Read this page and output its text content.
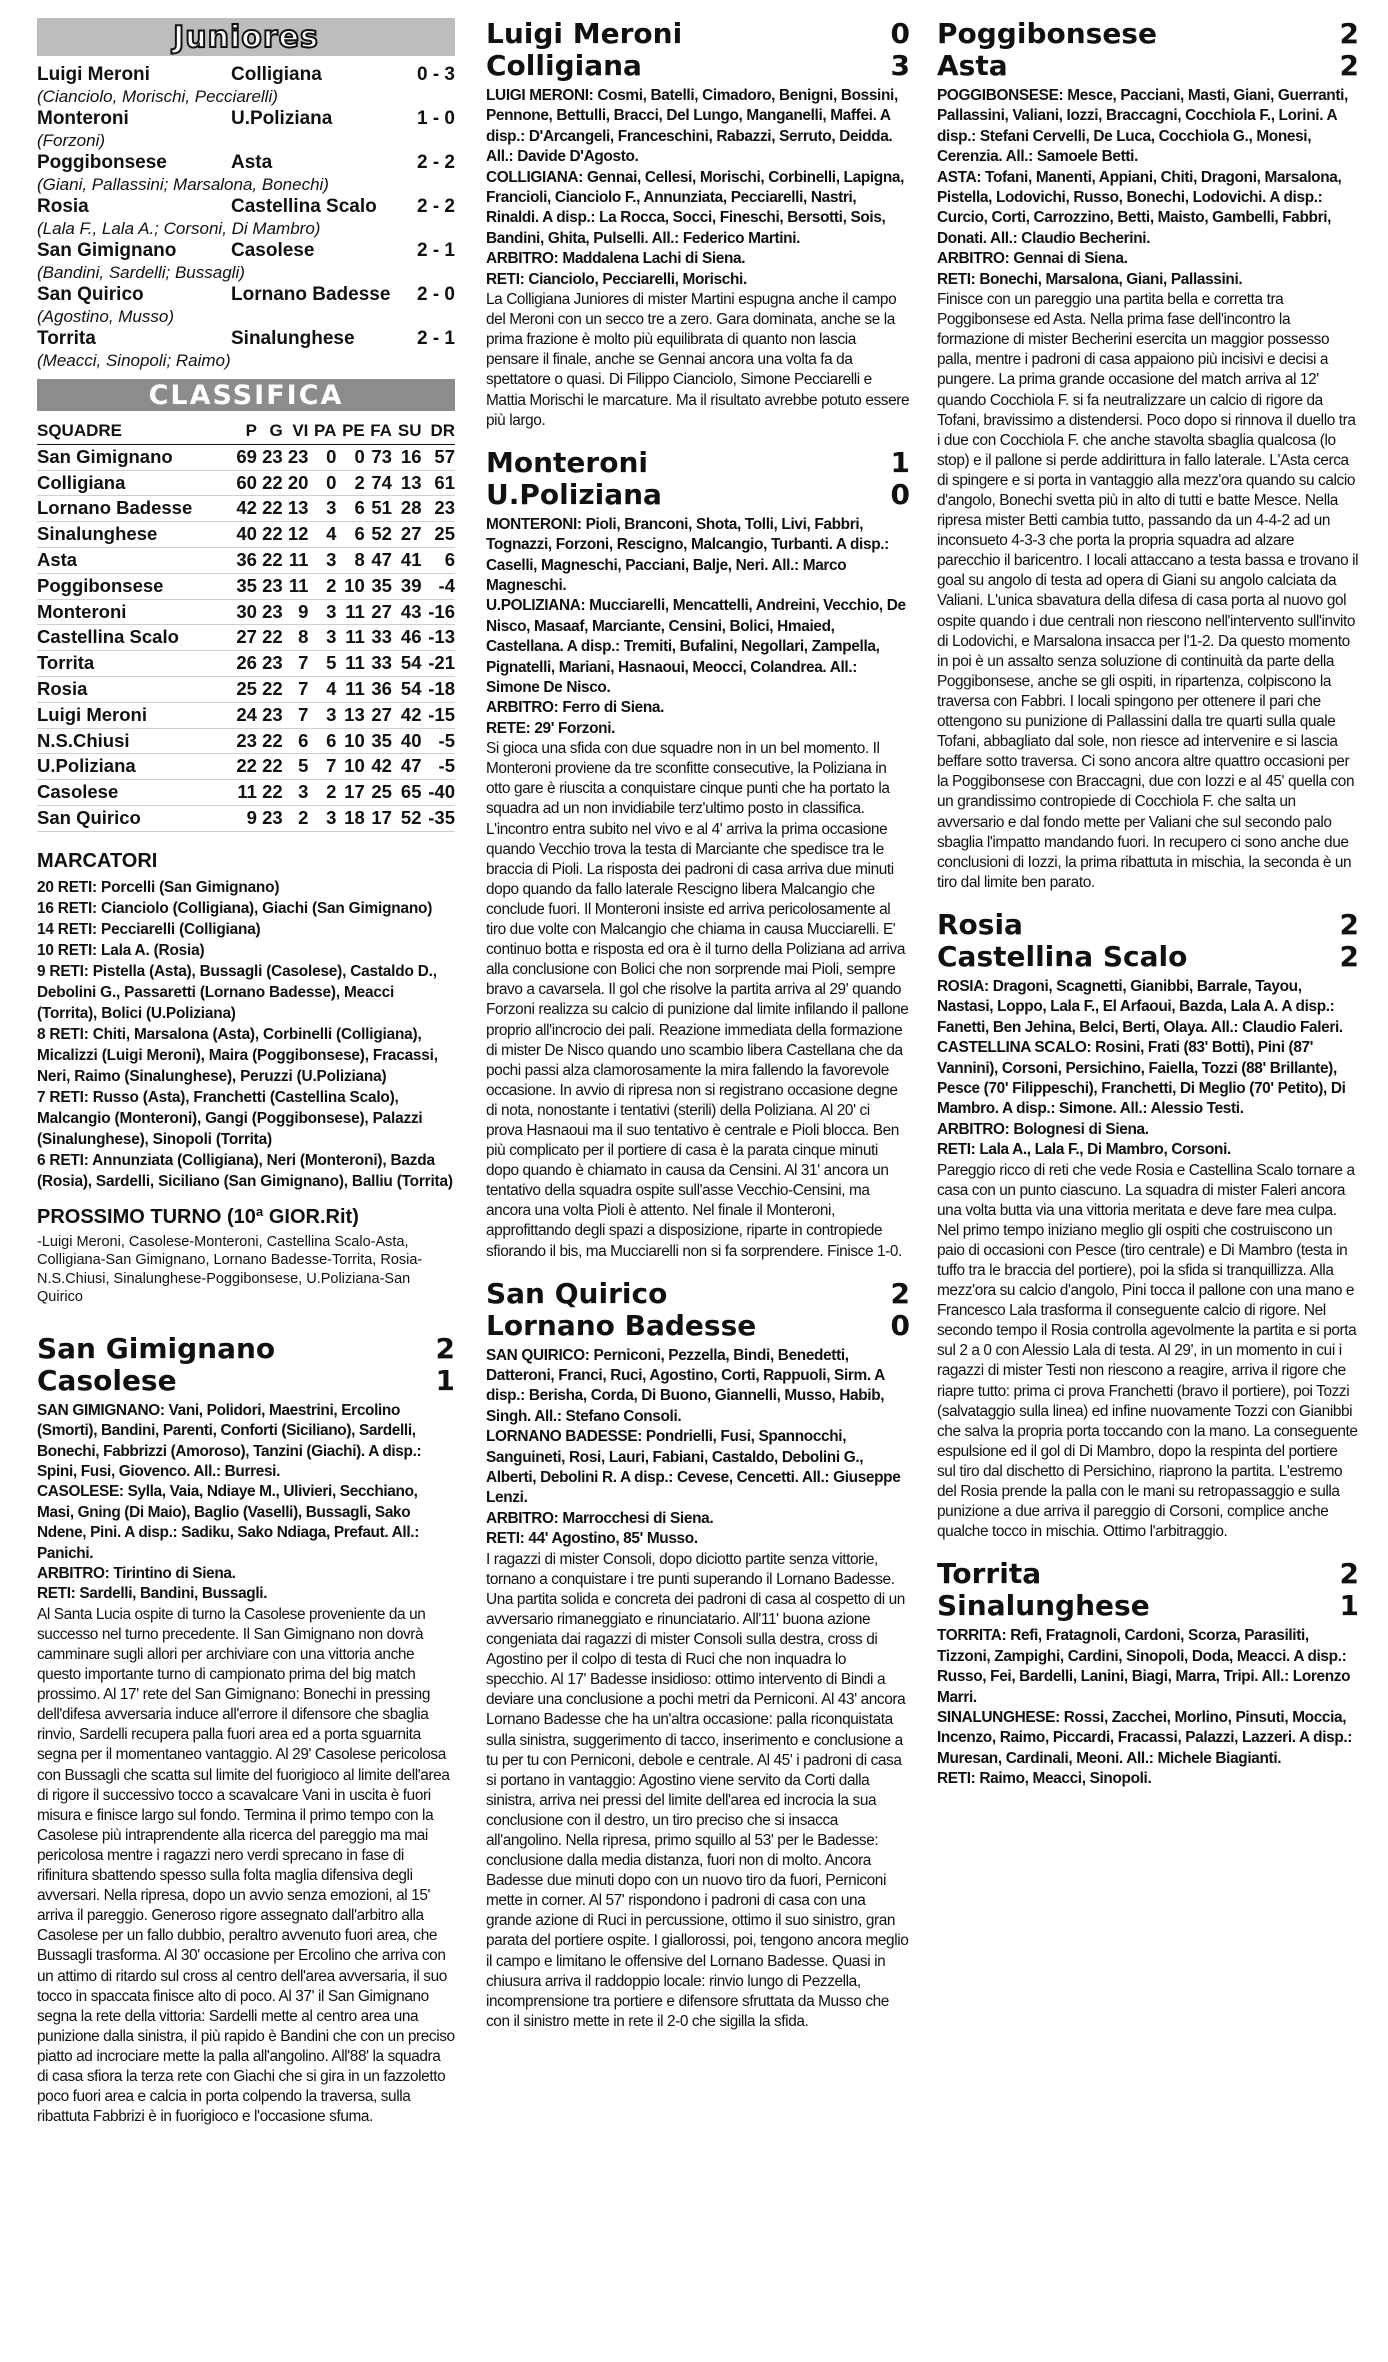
Juniores
Luigi Meroni	Colligiana	0 - 3
(Cianciolo, Morischi, Pecciarelli)
Monteroni	U.Poliziana	1 - 0
(Forzoni)
Poggibonsese	Asta	2 - 2
(Giani, Pallassini; Marsalona, Bonechi)
Rosia	Castellina Scalo	2 - 2
(Lala F., Lala A.; Corsoni, Di Mambro)
San Gimignano	Casolese	2 - 1
(Bandini, Sardelli; Bussagli)
San Quirico	Lornano Badesse	2 - 0
(Agostino, Musso)
Torrita	Sinalunghese	2 - 1
(Meacci, Sinopoli; Raimo)
CLASSIFICA
SQUADRE	P	G	VI	PA	PE	FA	SU	DR
San Gimignano	69	23	23	0	0	73	16	57
Colligiana	60	22	20	0	2	74	13	61
Lornano Badesse	42	22	13	3	6	51	28	23
Sinalunghese	40	22	12	4	6	52	27	25
Asta	36	22	11	3	8	47	41	6
Poggibonsese	35	23	11	2	10	35	39	-4
Monteroni	30	23	9	3	11	27	43	-16
Castellina Scalo	27	22	8	3	11	33	46	-13
Torrita	26	23	7	5	11	33	54	-21
Rosia	25	22	7	4	11	36	54	-18
Luigi Meroni	24	23	7	3	13	27	42	-15
N.S.Chiusi	23	22	6	6	10	35	40	-5
U.Poliziana	22	22	5	7	10	42	47	-5
Casolese	11	22	3	2	17	25	65	-40
San Quirico	9	23	2	3	18	17	52	-35
MARCATORI

20 RETI: Porcelli (San Gimignano)

16 RETI: Cianciolo (Colligiana), Giachi (San Gimignano)

14 RETI: Pecciarelli (Colligiana)

10 RETI: Lala A. (Rosia)

9 RETI: Pistella (Asta), Bussagli (Casolese), Castaldo D., Debolini G., Passaretti (Lornano Badesse), Meacci (Torrita), Bolici (U.Poliziana)

8 RETI: Chiti, Marsalona (Asta), Corbinelli (Colligiana), Micalizzi (Luigi Meroni), Maira (Poggibonsese), Fracassi, Neri, Raimo (Sinalunghese), Peruzzi (U.Poliziana)

7 RETI: Russo (Asta), Franchetti (Castellina Scalo), Malcangio (Monteroni), Gangi (Poggibonsese), Palazzi (Sinalunghese), Sinopoli (Torrita)

6 RETI: Annunziata (Colligiana), Neri (Monteroni), Bazda (Rosia), Sardelli, Siciliano (San Gimignano), Balliu (Torrita)

PROSSIMO TURNO (10ª GIOR.Rit)

-Luigi Meroni, Casolese-Monteroni, Castellina Scalo-Asta, Colligiana-San Gimignano, Lornano Badesse-Torrita, Rosia-N.S.Chiusi, Sinalunghese-Poggibonsese, U.Poliziana-San Quirico

San Gimignano	2
Casolese	1

SAN GIMIGNANO: Vani, Polidori, Maestrini, Ercolino (Smorti), Bandini, Parenti, Conforti (Siciliano), Sardelli, Bonechi, Fabbrizzi (Amoroso), Tanzini (Giachi). A disp.: Spini, Fusi, Giovenco. All.: Burresi.

CASOLESE: Sylla, Vaia, Ndiaye M., Ulivieri, Secchiano, Masi, Gning (Di Maio), Baglio (Vaselli), Bussagli, Sako Ndene, Pini. A disp.: Sadiku, Sako Ndiaga, Prefaut. All.: Panichi.

ARBITRO: Tirintino di Siena.

RETI: Sardelli, Bandini, Bussagli.

Al Santa Lucia ospite di turno la Casolese proveniente da un successo nel turno precedente. Il San Gimignano non dovrà camminare sugli allori per archiviare con una vittoria anche questo importante turno di campionato prima del big match prossimo. Al 17' rete del San Gimignano: Bonechi in pressing dell'difesa avversaria induce all'errore il difensore che sbaglia rinvio, Sardelli recupera palla fuori area ed a porta sguarnita segna per il momentaneo vantaggio. Al 29' Casolese pericolosa con Bussagli che scatta sul limite del fuorigioco al limite dell'area di rigore il successivo tocco a scavalcare Vani in uscita è fuori misura e finisce largo sul fondo. Termina il primo tempo con la Casolese più intraprendente alla ricerca del pareggio ma mai pericolosa mentre i ragazzi nero verdi sprecano in fase di rifinitura sbattendo spesso sulla folta maglia difensiva degli avversari. Nella ripresa, dopo un avvio senza emozioni, al 15' arriva il pareggio. Generoso rigore assegnato dall'arbitro alla Casolese per un fallo dubbio, peraltro avvenuto fuori area, che Bussagli trasforma. Al 30' occasione per Ercolino che arriva con un attimo di ritardo sul cross al centro dell'area avversaria, il suo tocco in spaccata finisce alto di poco. Al 37' il San Gimignano segna la rete della vittoria: Sardelli mette al centro area una punizione dalla sinistra, il più rapido è Bandini che con un preciso piatto ad incrociare mette la palla all'angolino. All'88' la squadra di casa sfiora la terza rete con Giachi che si gira in un fazzoletto poco fuori area e calcia in porta colpendo la traversa, sulla ribattuta Fabbrizi è in fuorigioco e l'occasione sfuma.

Luigi Meroni	0
Colligiana	3

LUIGI MERONI: Cosmi, Batelli, Cimadoro, Benigni, Bossini, Pennone, Bettulli, Bracci, Del Lungo, Manganelli, Maffei. A disp.: D'Arcangeli, Franceschini, Rabazzi, Serruto, Deidda. All.: Davide D'Agosto.

COLLIGIANA: Gennai, Cellesi, Morischi, Corbinelli, Lapigna, Francioli, Cianciolo F., Annunziata, Pecciarelli, Nastri, Rinaldi. A disp.: La Rocca, Socci, Fineschi, Bersotti, Sois, Bandini, Ghita, Pulselli. All.: Federico Martini.

ARBITRO: Maddalena Lachi di Siena.

RETI: Cianciolo, Pecciarelli, Morischi.

La Colligiana Juniores di mister Martini espugna anche il campo del Meroni con un secco tre a zero. Gara dominata, anche se la prima frazione è molto più equilibrata di quanto non lascia pensare il finale, anche se Gennai ancora una volta fa da spettatore o quasi. Di Filippo Cianciolo, Simone Pecciarelli e Mattia Morischi le marcature. Ma il risultato avrebbe potuto essere più largo.

Monteroni	1
U.Poliziana	0

MONTERONI: Pioli, Branconi, Shota, Tolli, Livi, Fabbri, Tognazzi, Forzoni, Rescigno, Malcangio, Turbanti. A disp.: Caselli, Magneschi, Pacciani, Balje, Neri. All.: Marco Magneschi.

U.POLIZIANA: Mucciarelli, Mencattelli, Andreini, Vecchio, De Nisco, Masaaf, Marciante, Censini, Bolici, Hmaied, Castellana. A disp.: Tremiti, Bufalini, Negollari, Zampella, Pignatelli, Mariani, Hasnaoui, Meocci, Colandrea. All.: Simone De Nisco.

ARBITRO: Ferro di Siena.

RETE: 29' Forzoni.

Si gioca una sfida con due squadre non in un bel momento. Il Monteroni proviene da tre sconfitte consecutive, la Poliziana in otto gare è riuscita a conquistare cinque punti che ha portato la squadra ad un non invidiabile terz'ultimo posto in classifica. L'incontro entra subito nel vivo e al 4' arriva la prima occasione quando Vecchio trova la testa di Marciante che spedisce tra le braccia di Pioli. La risposta dei padroni di casa arriva due minuti dopo quando da fallo laterale Rescigno libera Malcangio che conclude fuori. Il Monteroni insiste ed arriva pericolosamente al tiro due volte con Malcangio che chiama in causa Mucciarelli. E' continuo botta e risposta ed ora è il turno della Poliziana ad arriva alla conclusione con Bolici che non sorprende mai Pioli, sempre bravo a cavarsela. Il gol che risolve la partita arriva al 29' quando Forzoni realizza su calcio di punizione dal limite infilando il pallone proprio all'incrocio dei pali. Reazione immediata della formazione di mister De Nisco quando uno scambio libera Castellana che da pochi passi alza clamorosamente la mira fallendo la favorevole occasione. In avvio di ripresa non si registrano occasione degne di nota, nonostante i tentativi (sterili) della Poliziana. Al 20' ci prova Hasnaoui ma il suo tentativo è centrale e Pioli blocca. Ben più complicato per il portiere di casa è la parata cinque minuti dopo quando è chiamato in causa da Censini. Al 31' ancora un tentativo della squadra ospite sull'asse Vecchio-Censini, ma ancora una volta Pioli è attento. Nel finale il Monteroni, approfittando degli spazi a disposizione, riparte in contropiede sfiorando il bis, ma Mucciarelli non si fa sorprendere. Finisce 1-0.

San Quirico	2
Lornano Badesse	0

SAN QUIRICO: Perniconi, Pezzella, Bindi, Benedetti, Datteroni, Franci, Ruci, Agostino, Corti, Rappuoli, Sirm. A disp.: Berisha, Corda, Di Buono, Giannelli, Musso, Habib, Singh. All.: Stefano Consoli.

LORNANO BADESSE: Pondrielli, Fusi, Spannocchi, Sanguineti, Rosi, Lauri, Fabiani, Castaldo, Debolini G., Alberti, Debolini R. A disp.: Cevese, Cencetti. All.: Giuseppe Lenzi.

ARBITRO: Marrocchesi di Siena.

RETI: 44' Agostino, 85' Musso.

I ragazzi di mister Consoli, dopo diciotto partite senza vittorie, tornano a conquistare i tre punti superando il Lornano Badesse. Una partita solida e concreta dei padroni di casa al cospetto di un avversario rimaneggiato e rinunciatario. All'11' buona azione congeniata dai ragazzi di mister Consoli sulla destra, cross di Agostino per il colpo di testa di Ruci che non inquadra lo specchio. Al 17' Badesse insidioso: ottimo intervento di Bindi a deviare una conclusione a pochi metri da Perniconi. Al 43' ancora Lornano Badesse che ha un'altra occasione: palla riconquistata sulla sinistra, suggerimento di tacco, inserimento e conclusione a tu per tu con Perniconi, debole e centrale. Al 45' i padroni di casa si portano in vantaggio: Agostino viene servito da Corti dalla sinistra, arriva nei pressi del limite dell'area ed incrocia la sua conclusione con il destro, un tiro preciso che si insacca all'angolino. Nella ripresa, primo squillo al 53' per le Badesse: conclusione dalla media distanza, fuori non di molto. Ancora Badesse due minuti dopo con un nuovo tiro da fuori, Perniconi mette in corner. Al 57' rispondono i padroni di casa con una grande azione di Ruci in percussione, ottimo il suo sinistro, gran parata del portiere ospite. I giallorossi, poi, tengono ancora meglio il campo e limitano le offensive del Lornano Badesse. Quasi in chiusura arriva il raddoppio locale: rinvio lungo di Pezzella, incomprensione tra portiere e difensore sfruttata da Musso che con il sinistro mette in rete il 2-0 che sigilla la sfida.

Poggibonsese	2
Asta	2

POGGIBONSESE: Mesce, Pacciani, Masti, Giani, Guerranti, Pallassini, Valiani, Iozzi, Braccagni, Cocchiola F., Lorini. A disp.: Stefani Cervelli, De Luca, Cocchiola G., Monesi, Cerenzia. All.: Samoele Betti.

ASTA: Tofani, Manenti, Appiani, Chiti, Dragoni, Marsalona, Pistella, Lodovichi, Russo, Bonechi, Lodovichi. A disp.: Curcio, Corti, Carrozzino, Betti, Maisto, Gambelli, Fabbri, Donati. All.: Claudio Becherini.

ARBITRO: Gennai di Siena.

RETI: Bonechi, Marsalona, Giani, Pallassini.

Finisce con un pareggio una partita bella e corretta tra Poggibonsese ed Asta. Nella prima fase dell'incontro la formazione di mister Becherini esercita un maggior possesso palla, mentre i padroni di casa appaiono più incisivi e decisi a pungere. La prima grande occasione del match arriva al 12' quando Cocchiola F. si fa neutralizzare un calcio di rigore da Tofani, bravissimo a distendersi. Poco dopo si rinnova il duello tra i due con Cocchiola F. che anche stavolta sbaglia qualcosa (lo stop) e il pallone si perde addirittura in fallo laterale. L'Asta cerca di spingere e si porta in vantaggio alla mezz'ora quando su calcio d'angolo, Bonechi svetta più in alto di tutti e batte Mesce. Nella ripresa mister Betti cambia tutto, passando da un 4-4-2 ad un inconsueto 4-3-3 che porta la propria squadra ad alzare parecchio il baricentro. I locali attaccano a testa bassa e trovano il goal su angolo di testa ad opera di Giani su angolo calciata da Valiani. L'unica sbavatura della difesa di casa porta al nuovo gol ospite quando i due centrali non riescono nell'intervento sull'invito di Lodovichi, e Marsalona insacca per l'1-2. Da questo momento in poi è un assalto senza soluzione di continuità da parte della Poggibonsese, anche se gli ospiti, in ripartenza, colpiscono la traversa con Fabbri. I locali spingono per ottenere il pari che ottengono su punizione di Pallassini dalla tre quarti sulla quale Tofani, abbagliato dal sole, non riesce ad intervenire e si lascia beffare sotto traversa. Ci sono ancora altre quattro occasioni per la Poggibonsese con Braccagni, due con Iozzi e al 45' quella con un grandissimo contropiede di Cocchiola F. che salta un avversario e dal fondo mette per Valiani che sul secondo palo sbaglia l'impatto mandando fuori. In recupero ci sono anche due conclusioni di Iozzi, la prima ribattuta in mischia, la seconda è un tiro dal limite ben parato.

Rosia	2
Castellina Scalo	2

ROSIA: Dragoni, Scagnetti, Gianibbi, Barrale, Tayou, Nastasi, Loppo, Lala F., El Arfaoui, Bazda, Lala A. A disp.: Fanetti, Ben Jehina, Belci, Berti, Olaya. All.: Claudio Faleri.

CASTELLINA SCALO: Rosini, Frati (83' Botti), Pini (87' Vannini), Corsoni, Persichino, Faiella, Tozzi (88' Brillante), Pesce (70' Filippeschi), Franchetti, Di Meglio (70' Petito), Di Mambro. A disp.: Simone. All.: Alessio Testi.

ARBITRO: Bolognesi di Siena.

RETI: Lala A., Lala F., Di Mambro, Corsoni.

Pareggio ricco di reti che vede Rosia e Castellina Scalo tornare a casa con un punto ciascuno. La squadra di mister Faleri ancora una volta butta via una vittoria meritata e deve fare mea culpa. Nel primo tempo iniziano meglio gli ospiti che costruiscono un paio di occasioni con Pesce (tiro centrale) e Di Mambro (testa in tuffo tra le braccia del portiere), poi la sfida si tranquillizza. Alla mezz'ora su calcio d'angolo, Pini tocca il pallone con una mano e Francesco Lala trasforma il conseguente calcio di rigore. Nel secondo tempo il Rosia controlla agevolmente la partita e si porta sul 2 a 0 con Alessio Lala di testa. Al 29', in un momento in cui i ragazzi di mister Testi non riescono a reagire, arriva il rigore che riapre tutto: prima ci prova Franchetti (bravo il portiere), poi Tozzi (salvataggio sulla linea) ed infine nuovamente Tozzi con Gianibbi che salva la propria porta toccando con la mano. La conseguente espulsione ed il gol di Di Mambro, dopo la respinta del portiere sul tiro dal dischetto di Persichino, riaprono la partita. L'estremo del Rosia prende la palla con le mani su retropassaggio e sulla punizione a due arriva il pareggio di Corsoni, complice anche qualche tocco in mischia. Ottimo l'arbitraggio.

Torrita	2
Sinalunghese	1

TORRITA: Refi, Fratagnoli, Cardoni, Scorza, Parasiliti, Tizzoni, Zampighi, Cardini, Sinopoli, Doda, Meacci. A disp.: Russo, Fei, Bardelli, Lanini, Biagi, Marra, Tripi. All.: Lorenzo Marri.

SINALUNGHESE: Rossi, Zacchei, Morlino, Pinsuti, Moccia, Incenzo, Raimo, Piccardi, Fracassi, Palazzi, Lazzeri. A disp.: Muresan, Cardinali, Meoni. All.: Michele Biagianti.

RETI: Raimo, Meacci, Sinopoli.
